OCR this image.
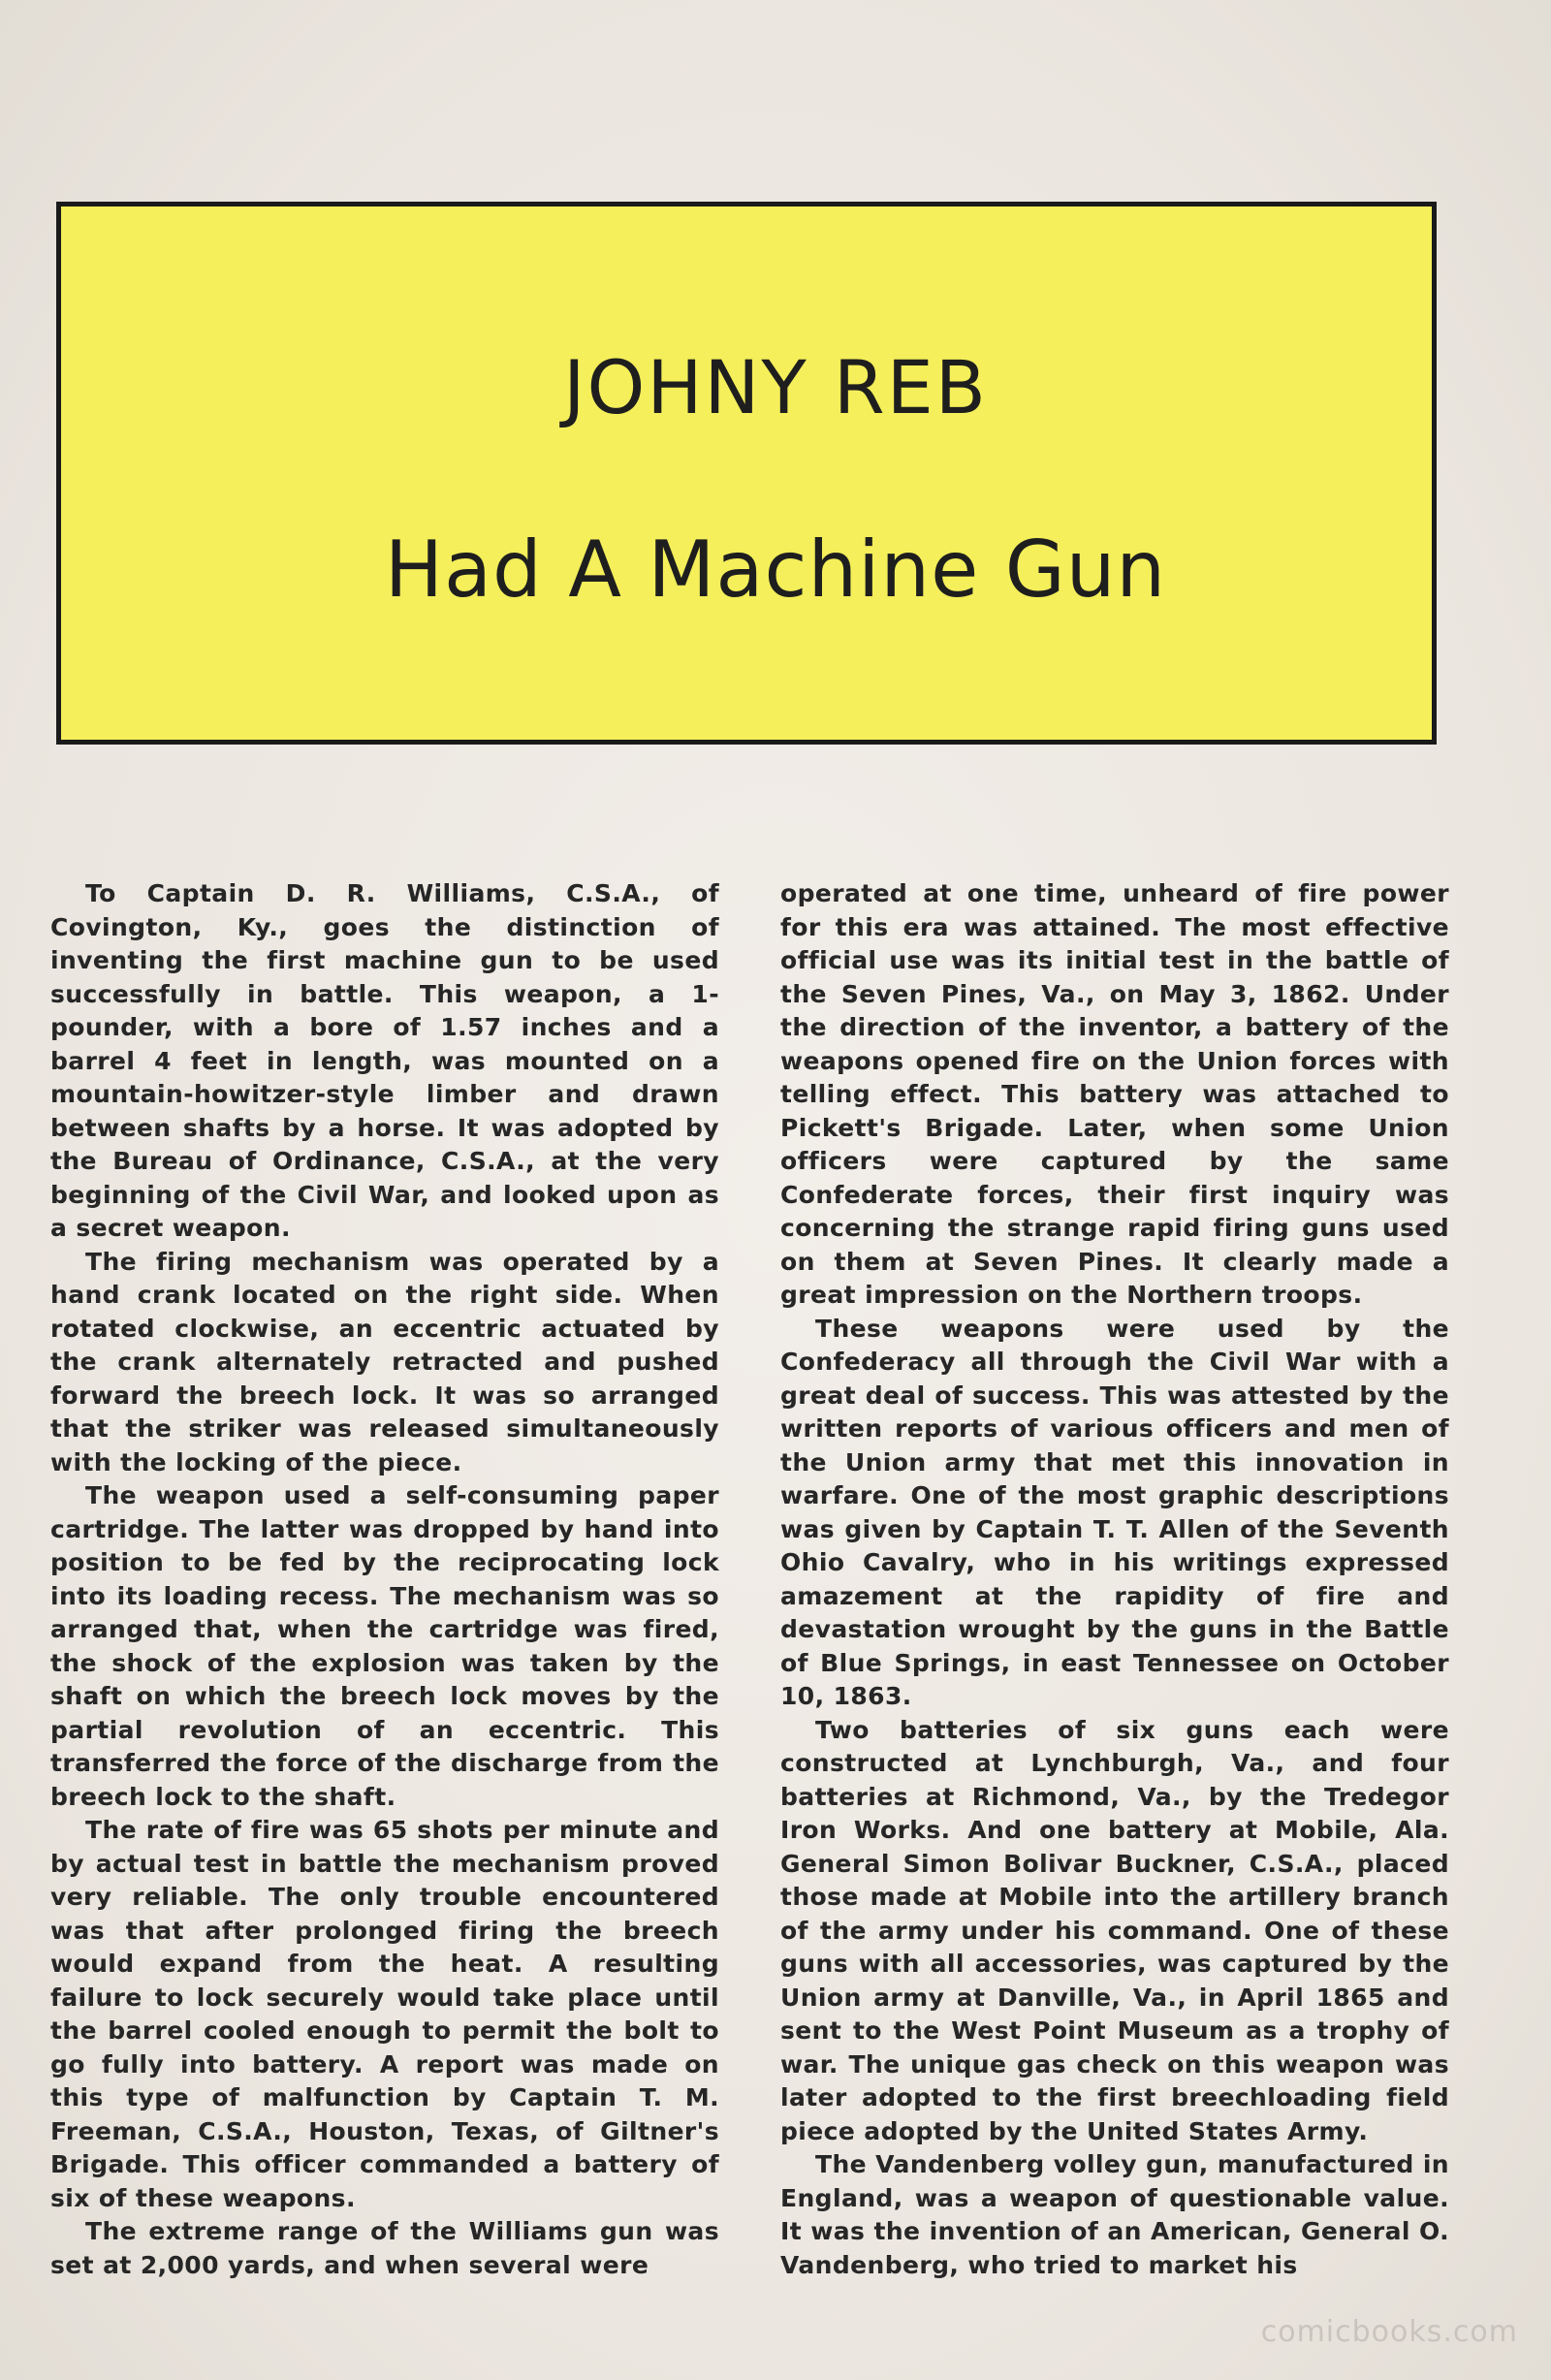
JOHNY REB
Had A Machine Gun

To Captain D. R. Williams, C.S.A., of Covington, Ky., goes the distinction of inventing the first machine gun to be used successfully in battle. This weapon, a 1-pounder, with a bore of 1.57 inches and a barrel 4 feet in length, was mounted on a mountain-howitzer-style limber and drawn between shafts by a horse. It was adopted by the Bureau of Ordinance, C.S.A., at the very beginning of the Civil War, and looked upon as a secret weapon.

The firing mechanism was operated by a hand crank located on the right side. When rotated clockwise, an eccentric actuated by the crank alternately retracted and pushed forward the breech lock. It was so arranged that the striker was released simultaneously with the locking of the piece.

The weapon used a self-consuming paper cartridge. The latter was dropped by hand into position to be fed by the reciprocating lock into its loading recess. The mechanism was so arranged that, when the cartridge was fired, the shock of the explosion was taken by the shaft on which the breech lock moves by the partial revolution of an eccentric. This transferred the force of the discharge from the breech lock to the shaft.

The rate of fire was 65 shots per minute and by actual test in battle the mechanism proved very reliable. The only trouble encountered was that after prolonged firing the breech would expand from the heat. A resulting failure to lock securely would take place until the barrel cooled enough to permit the bolt to go fully into battery. A report was made on this type of malfunction by Captain T. M. Freeman, C.S.A., Houston, Texas, of Giltner's Brigade. This officer commanded a battery of six of these weapons.

The extreme range of the Williams gun was set at 2,000 yards, and when several were

operated at one time, unheard of fire power for this era was attained. The most effective official use was its initial test in the battle of the Seven Pines, Va., on May 3, 1862. Under the direction of the inventor, a battery of the weapons opened fire on the Union forces with telling effect. This battery was attached to Pickett's Brigade. Later, when some Union officers were captured by the same Confederate forces, their first inquiry was concerning the strange rapid firing guns used on them at Seven Pines. It clearly made a great impression on the Northern troops.

These weapons were used by the Confederacy all through the Civil War with a great deal of success. This was attested by the written reports of various officers and men of the Union army that met this innovation in warfare. One of the most graphic descriptions was given by Captain T. T. Allen of the Seventh Ohio Cavalry, who in his writings expressed amazement at the rapidity of fire and devastation wrought by the guns in the Battle of Blue Springs, in east Tennessee on October 10, 1863.

Two batteries of six guns each were constructed at Lynchburgh, Va., and four batteries at Richmond, Va., by the Tredegor Iron Works. And one battery at Mobile, Ala. General Simon Bolivar Buckner, C.S.A., placed those made at Mobile into the artillery branch of the army under his command. One of these guns with all accessories, was captured by the Union army at Danville, Va., in April 1865 and sent to the West Point Museum as a trophy of war. The unique gas check on this weapon was later adopted to the first breechloading field piece adopted by the United States Army.

The Vandenberg volley gun, manufactured in England, was a weapon of questionable value. It was the invention of an American, General O. Vandenberg, who tried to market his

comicbooks.com
